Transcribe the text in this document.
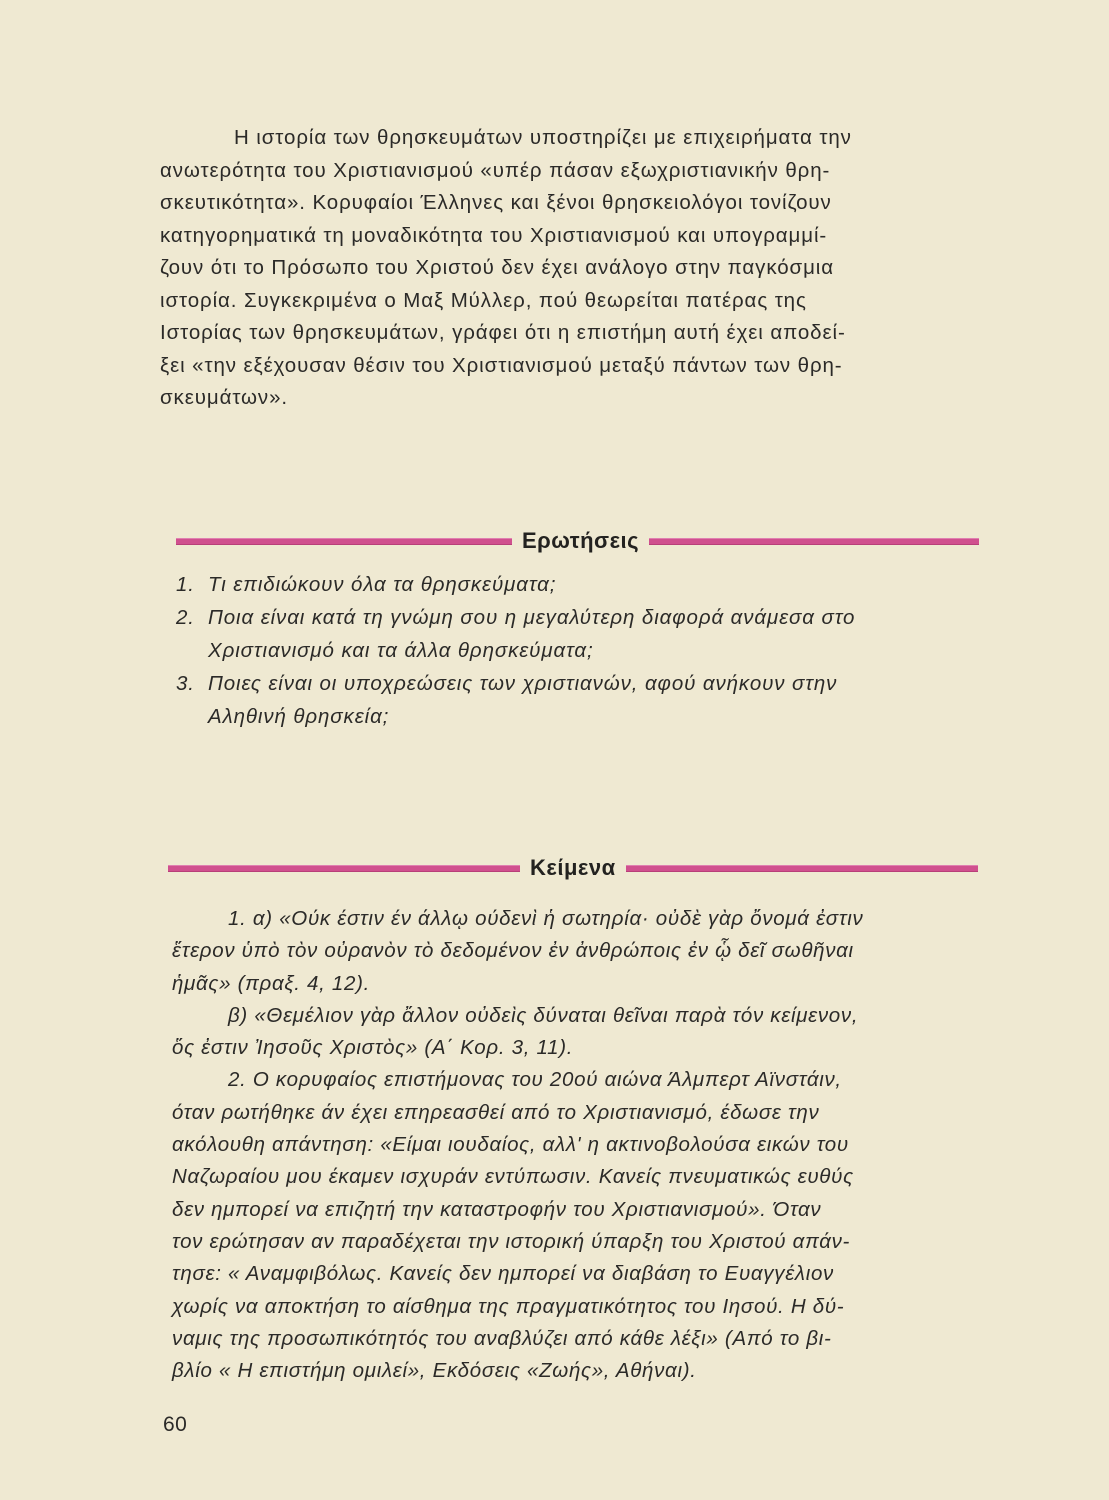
Η ιστορία των θρησκευμάτων υποστηρίζει με επιχειρήματα την
ανωτερότητα του Χριστιανισμού «υπέρ πάσαν εξωχριστιανικήν θρη-
σκευτικότητα». Κορυφαίοι Έλληνες και ξένοι θρησκειολόγοι τονίζουν
κατηγορηματικά τη μοναδικότητα του Χριστιανισμού και υπογραμμί-
ζουν ότι το Πρόσωπο του Χριστού δεν έχει ανάλογο στην παγκόσμια
ιστορία. Συγκεκριμένα ο Μαξ Μύλλερ, πού θεωρείται πατέρας της
Ιστορίας των θρησκευμάτων, γράφει ότι η επιστήμη αυτή έχει αποδεί-
ξει «την εξέχουσαν θέσιν του Χριστιανισμού μεταξύ πάντων των θρη-
σκευμάτων».

Ερωτήσεις
1. Τι επιδιώκουν όλα τα θρησκεύματα;
2. Ποια είναι κατά τη γνώμη σου η μεγαλύτερη διαφορά ανάμεσα στο
Χριστιανισμό και τα άλλα θρησκεύματα;
3. Ποιες είναι οι υποχρεώσεις των χριστιανών, αφού ανήκουν στην
Αληθινή θρησκεία;
Κείμενα

1. α) «Ούκ έστιν έν άλλῳ ούδενὶ ἡ σωτηρία· οὐδὲ γὰρ ὄνομά ἐστιν
ἕτερον ὑπὸ τὸν οὐρανὸν τὸ δεδομένον ἐν ἀνθρώποις ἐν ᾧ δεῖ σωθῆναι
ἡμᾶς» (πραξ. 4, 12).
β) «Θεμέλιον γὰρ ἄλλον οὐδεὶς δύναται θεῖναι παρὰ τόν κείμενον,
ὅς ἐστιν Ἰησοῦς Χριστὸς» (Α΄ Κορ. 3, 11).
2. Ο κορυφαίος επιστήμονας του 20ού αιώνα Άλμπερτ Αϊνστάιν,
όταν ρωτήθηκε άν έχει επηρεασθεί από το Χριστιανισμό, έδωσε την
ακόλουθη απάντηση: «Είμαι ιουδαίος, αλλ' η ακτινοβολούσα εικών του
Ναζωραίου μου έκαμεν ισχυράν εντύπωσιν. Κανείς πνευματικώς ευθύς
δεν ημπορεί να επιζητή την καταστροφήν του Χριστιανισμού». Όταν
τον ερώτησαν αν παραδέχεται την ιστορική ύπαρξη του Χριστού απάν-
τησε: « Αναμφιβόλως. Κανείς δεν ημπορεί να διαβάση το Ευαγγέλιον
χωρίς να αποκτήση το αίσθημα της πραγματικότητος του Ιησού. Η δύ-
ναμις της προσωπικότητός του αναβλύζει από κάθε λέξι» (Από το βι-
βλίο « Η επιστήμη ομιλεί», Εκδόσεις «Ζωής», Αθήναι).

60
